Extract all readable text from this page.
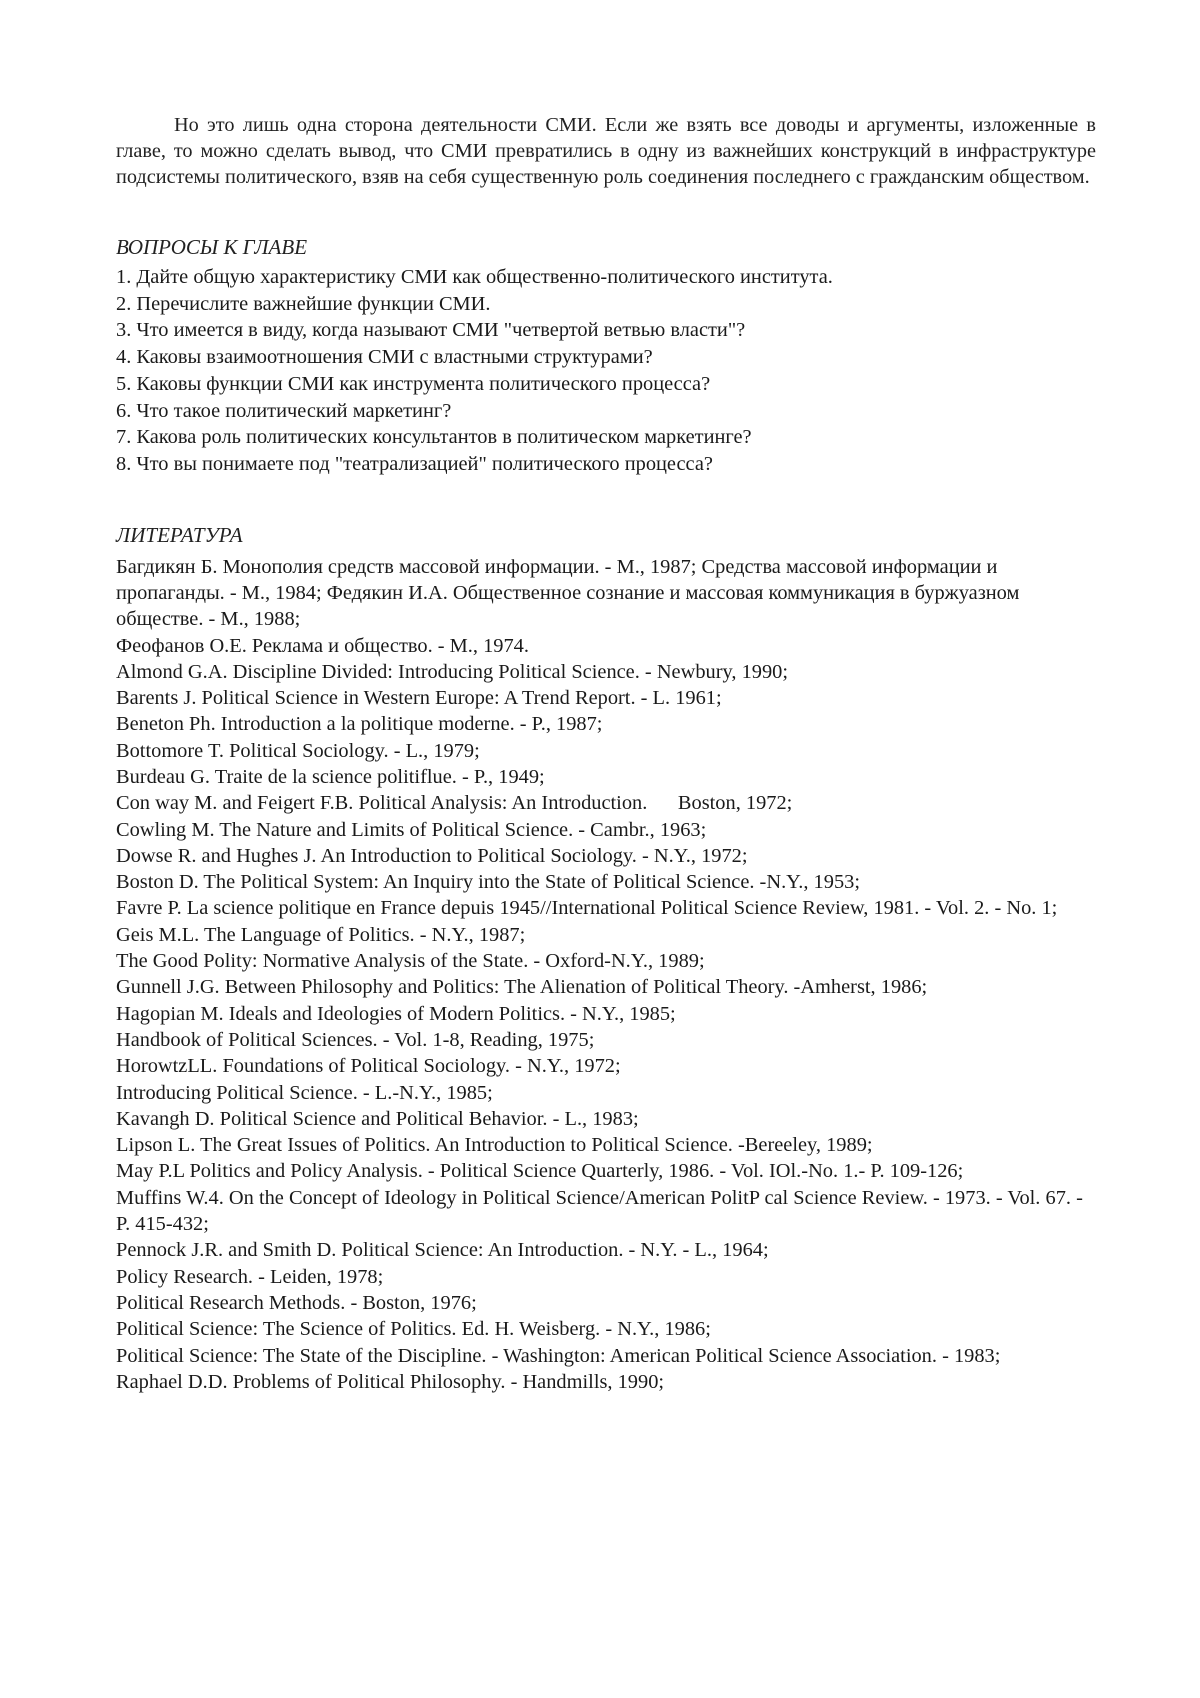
Но это лишь одна сторона деятельности СМИ. Если же взять все доводы и аргументы, изложенные в главе, то можно сделать вывод, что СМИ превратились в одну из важнейших конструкций в инфраструктуре подсистемы политического, взяв на себя существенную роль соединения последнего с гражданским обществом.

ВОПРОСЫ К ГЛАВЕ
1. Дайте общую характеристику СМИ как общественно-политического института.
2. Перечислите важнейшие функции СМИ.
3. Что имеется в виду, когда называют СМИ "четвертой ветвью власти"?
4. Каковы взаимоотношения СМИ с властными структурами?
5. Каковы функции СМИ как инструмента политического процесса?
6. Что такое политический маркетинг?
7. Какова роль политических консультантов в политическом маркетинге?
8. Что вы понимаете под "театрализацией" политического процесса?
ЛИТЕРАТУРА
Багдикян Б. Монополия средств массовой информации. - М., 1987; Средства массовой информации и пропаганды. - М., 1984; Федякин И.А. Общественное сознание и массовая коммуникация в буржуазном обществе. - М., 1988;
Феофанов О.Е. Реклама и общество. - М., 1974.
Almond G.A. Discipline Divided: Introducing Political Science. - Newbury, 1990;
Barents J. Political Science in Western Europe: A Trend Report. - L. 1961;
Beneton Ph. Introduction a la politique moderne. - P., 1987;
Bottomore T. Political Sociology. - L., 1979;
Burdeau G. Traite de la science politiflue. - P., 1949;
Con way M. and Feigert F.B. Political Analysis: An Introduction.      Boston, 1972;
Cowling M. The Nature and Limits of Political Science. - Cambr., 1963;
Dowse R. and Hughes J. An Introduction to Political Sociology. - N.Y., 1972;
Boston D. The Political System: An Inquiry into the State of Political Science. -N.Y., 1953;
Favre P. La science politique en France depuis 1945//International Political Science Review, 1981. - Vol. 2. - No. 1;
Geis M.L. The Language of Politics. - N.Y., 1987;
The Good Polity: Normative Analysis of the State. - Oxford-N.Y., 1989;
Gunnell J.G. Between Philosophy and Politics: The Alienation of Political Theory. -Amherst, 1986;
Hagopian M. Ideals and Ideologies of Modern Politics. - N.Y., 1985;
Handbook of Political Sciences. - Vol. 1-8, Reading, 1975;
HorowtzLL. Foundations of Political Sociology. - N.Y., 1972;
Introducing Political Science. - L.-N.Y., 1985;
Kavangh D. Political Science and Political Behavior. - L., 1983;
Lipson L. The Great Issues of Politics. An Introduction to Political Science. -Bereeley, 1989;
May P.L Politics and Policy Analysis. - Political Science Quarterly, 1986. - Vol. IOl.-No. 1.- P. 109-126;
Muffins W.4. On the Concept of Ideology in Political Science/American PolitP cal Science Review. - 1973. - Vol. 67. - P. 415-432;
Pennock J.R. and Smith D. Political Science: An Introduction. - N.Y. - L., 1964;
Policy Research. - Leiden, 1978;
Political Research Methods. - Boston, 1976;
Political Science: The Science of Politics. Ed. H. Weisberg. - N.Y., 1986;
Political Science: The State of the Discipline. - Washington: American Political Science Association. - 1983;
Raphael D.D. Problems of Political Philosophy. - Handmills, 1990;
